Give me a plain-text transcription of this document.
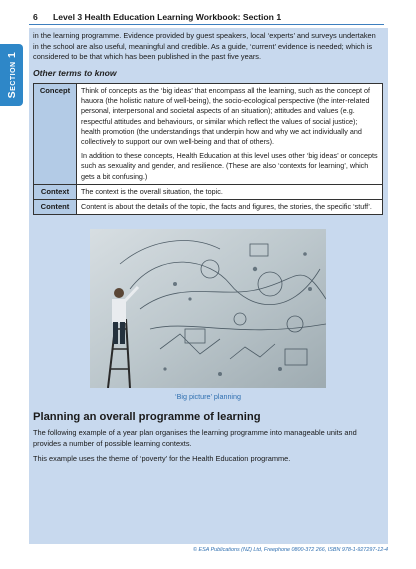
6	Level 3 Health Education Learning Workbook: Section 1
Section 1
in the learning programme. Evidence provided by guest speakers, local ‘experts’ and surveys undertaken in the school are also useful, meaningful and credible. As a guide, ‘current’ evidence is needed; which is considered to be that which has been published in the past five years.
Other terms to know
Concept	Think of concepts as the ‘big ideas’ that encompass all the learning, such as the concept of hauora (the holistic nature of well-being), the socio-ecological perspective (the inter-related personal, interpersonal and societal aspects of an situation); attitudes and values (e.g. respectful attitudes and behaviours, or similar which reflect the values of social justice); health promotion (the understandings that underpin how and why we act individually and collectively to support our own well-being and that of others).

In addition to these concepts, Health Education at this level uses other ‘big ideas’ or concepts such as sexuality and gender, and resilience. (These are also ‘contexts for learning’, which gets a bit confusing.)

Context	The context is the overall situation, the topic.

Content	Content is about the details of the topic, the facts and figures, the stories, the specific ‘stuff’.

‘Big picture’ planning
Planning an overall programme of learning
The following example of a year plan organises the learning programme into manageable units and provides a number of possible learning contexts.
This example uses the theme of ‘poverty’ for the Health Education programme.
© ESA Publications (NZ) Ltd, Freephone 0800-372 266, ISBN 978-1-927297-12-4
